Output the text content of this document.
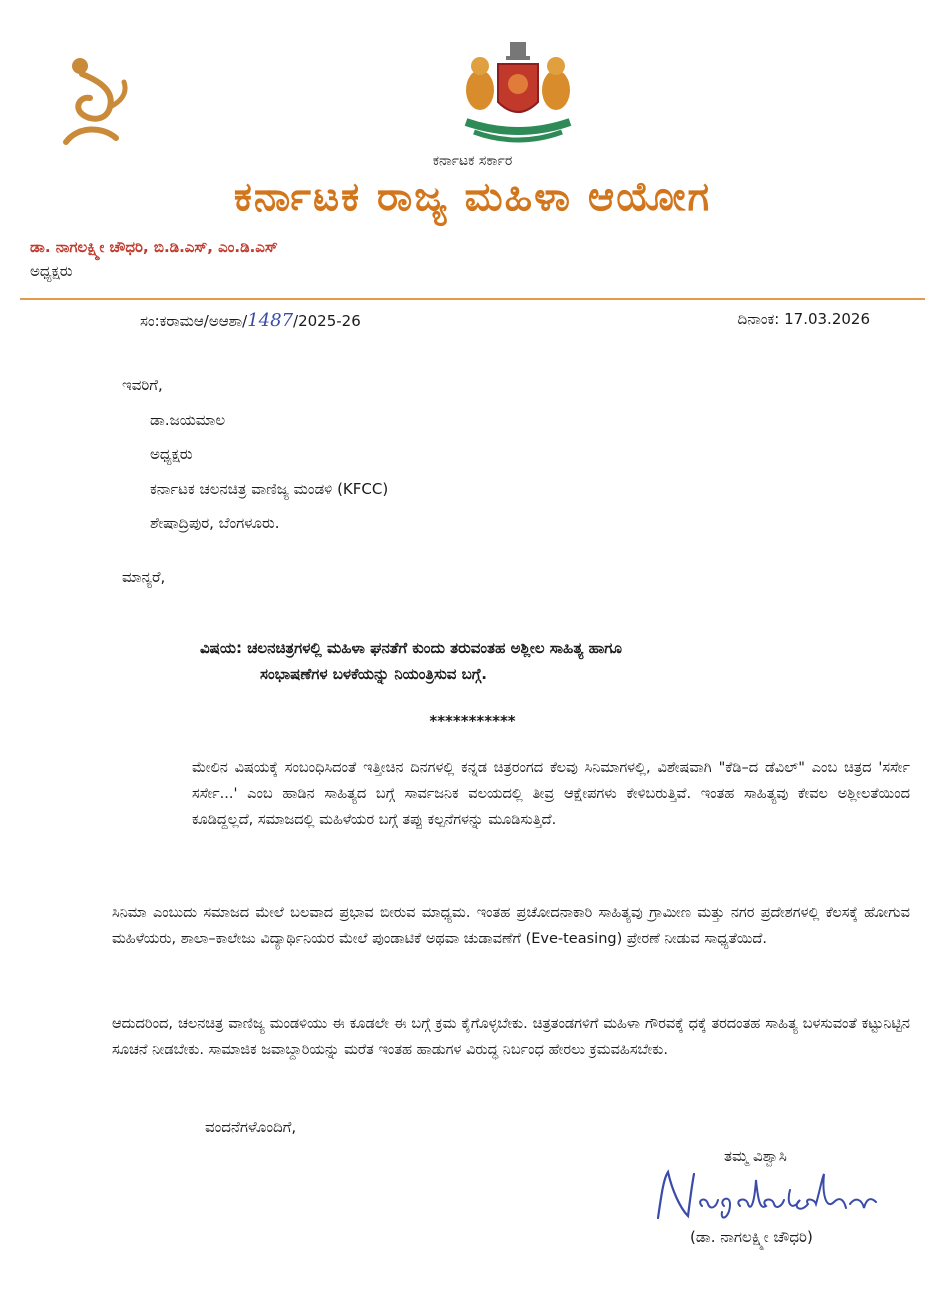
ಕರ್ನಾಟಕ ಸರ್ಕಾರ
ಕರ್ನಾಟಕ ರಾಜ್ಯ ಮಹಿಳಾ ಆಯೋಗ
ಡಾ. ನಾಗಲಕ್ಷ್ಮೀ ಚೌಧರಿ, ಬಿ.ಡಿ.ಎಸ್, ಎಂ.ಡಿ.ಎಸ್
ಅಧ್ಯಕ್ಷರು
ಸಂ:ಕರಾಮಆ/ಅಆಶಾ/1487/2025-26	ದಿನಾಂಕ: 17.03.2026
ಇವರಿಗೆ,
ಡಾ.ಜಯಮಾಲ
ಅಧ್ಯಕ್ಷರು
ಕರ್ನಾಟಕ ಚಲನಚಿತ್ರ ವಾಣಿಜ್ಯ ಮಂಡಳಿ (KFCC)
ಶೇಷಾದ್ರಿಪುರ, ಬೆಂಗಳೂರು.
ಮಾನ್ಯರೆ,
ವಿಷಯ: ಚಲನಚಿತ್ರಗಳಲ್ಲಿ ಮಹಿಳಾ ಘನತೆಗೆ ಕುಂದು ತರುವಂತಹ ಅಶ್ಲೀಲ ಸಾಹಿತ್ಯ ಹಾಗೂ
ಸಂಭಾಷಣೆಗಳ ಬಳಕೆಯನ್ನು ನಿಯಂತ್ರಿಸುವ ಬಗ್ಗೆ.
***********
ಮೇಲಿನ ವಿಷಯಕ್ಕೆ ಸಂಬಂಧಿಸಿದಂತೆ ಇತ್ತೀಚಿನ ದಿನಗಳಲ್ಲಿ ಕನ್ನಡ ಚಿತ್ರರಂಗದ ಕೆಲವು ಸಿನಿಮಾಗಳಲ್ಲಿ, ವಿಶೇಷವಾಗಿ "ಕೆಡಿ–ದ ಡೆವಿಲ್" ಎಂಬ ಚಿತ್ರದ 'ಸರ್ಸೇ ಸರ್ಸೇ...' ಎಂಬ ಹಾಡಿನ ಸಾಹಿತ್ಯದ ಬಗ್ಗೆ ಸಾರ್ವಜನಿಕ ವಲಯದಲ್ಲಿ ತೀವ್ರ ಆಕ್ಷೇಪಗಳು ಕೇಳಿಬರುತ್ತಿವೆ. ಇಂತಹ ಸಾಹಿತ್ಯವು ಕೇವಲ ಅಶ್ಲೀಲತೆಯಿಂದ ಕೂಡಿದ್ದಲ್ಲದೆ, ಸಮಾಜದಲ್ಲಿ ಮಹಿಳೆಯರ ಬಗ್ಗೆ ತಪ್ಪು ಕಲ್ಪನೆಗಳನ್ನು ಮೂಡಿಸುತ್ತಿದೆ.
ಸಿನಿಮಾ ಎಂಬುದು ಸಮಾಜದ ಮೇಲೆ ಬಲವಾದ ಪ್ರಭಾವ ಬೀರುವ ಮಾಧ್ಯಮ. ಇಂತಹ ಪ್ರಚೋದನಾಕಾರಿ ಸಾಹಿತ್ಯವು ಗ್ರಾಮೀಣ ಮತ್ತು ನಗರ ಪ್ರದೇಶಗಳಲ್ಲಿ ಕೆಲಸಕ್ಕೆ ಹೋಗುವ ಮಹಿಳೆಯರು, ಶಾಲಾ–ಕಾಲೇಜು ವಿದ್ಯಾರ್ಥಿನಿಯರ ಮೇಲೆ ಪುಂಡಾಟಿಕೆ ಅಥವಾ ಚುಡಾವಣೆಗೆ (Eve-teasing) ಪ್ರೇರಣೆ ನೀಡುವ ಸಾಧ್ಯತೆಯಿದೆ.
ಆದುದರಿಂದ, ಚಲನಚಿತ್ರ ವಾಣಿಜ್ಯ ಮಂಡಳಿಯು ಈ ಕೂಡಲೇ ಈ ಬಗ್ಗೆ ಕ್ರಮ ಕೈಗೊಳ್ಳಬೇಕು. ಚಿತ್ರತಂಡಗಳಿಗೆ ಮಹಿಳಾ ಗೌರವಕ್ಕೆ ಧಕ್ಕೆ ತರದಂತಹ ಸಾಹಿತ್ಯ ಬಳಸುವಂತೆ ಕಟ್ಟುನಿಟ್ಟಿನ ಸೂಚನೆ ನೀಡಬೇಕು. ಸಾಮಾಜಿಕ ಜವಾಬ್ದಾರಿಯನ್ನು ಮರೆತ ಇಂತಹ ಹಾಡುಗಳ ವಿರುದ್ಧ ನಿರ್ಬಂಧ ಹೇರಲು ಕ್ರಮವಹಿಸಬೇಕು.
ವಂದನೆಗಳೊಂದಿಗೆ,
ತಮ್ಮ ವಿಶ್ವಾಸಿ
(ಡಾ. ನಾಗಲಕ್ಷ್ಮೀ ಚೌಧರಿ)
